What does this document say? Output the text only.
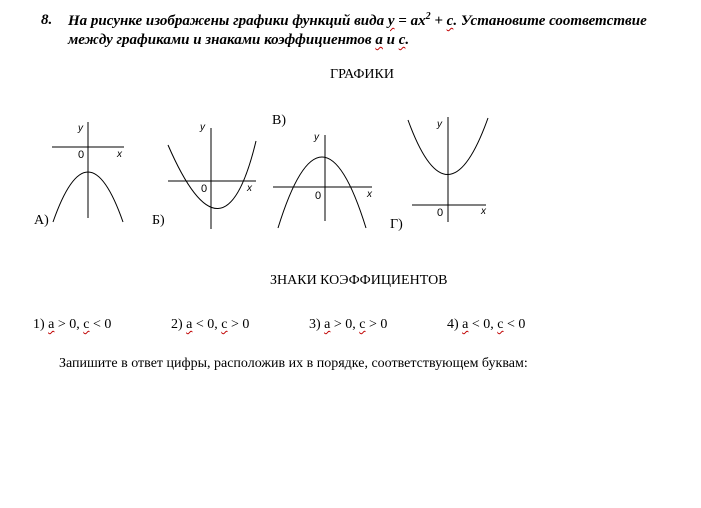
8. На рисунке изображены графики функций вида $y = ax^2 + c$. Установите соответствие
между графиками и знаками коэффициентов a и c.
ГРАФИКИ
y
x
0
y
x
0
y
x
0
y
x
0
А)	Б)
В)
Г)
ЗНАКИ КОЭФФИЦИЕНТОВ
1) a > 0, c < 0	2) a < 0, c > 0	3) a > 0, c > 0	4) a < 0, c < 0
Запишите в ответ цифры, расположив их в порядке, соответствующем буквам:
